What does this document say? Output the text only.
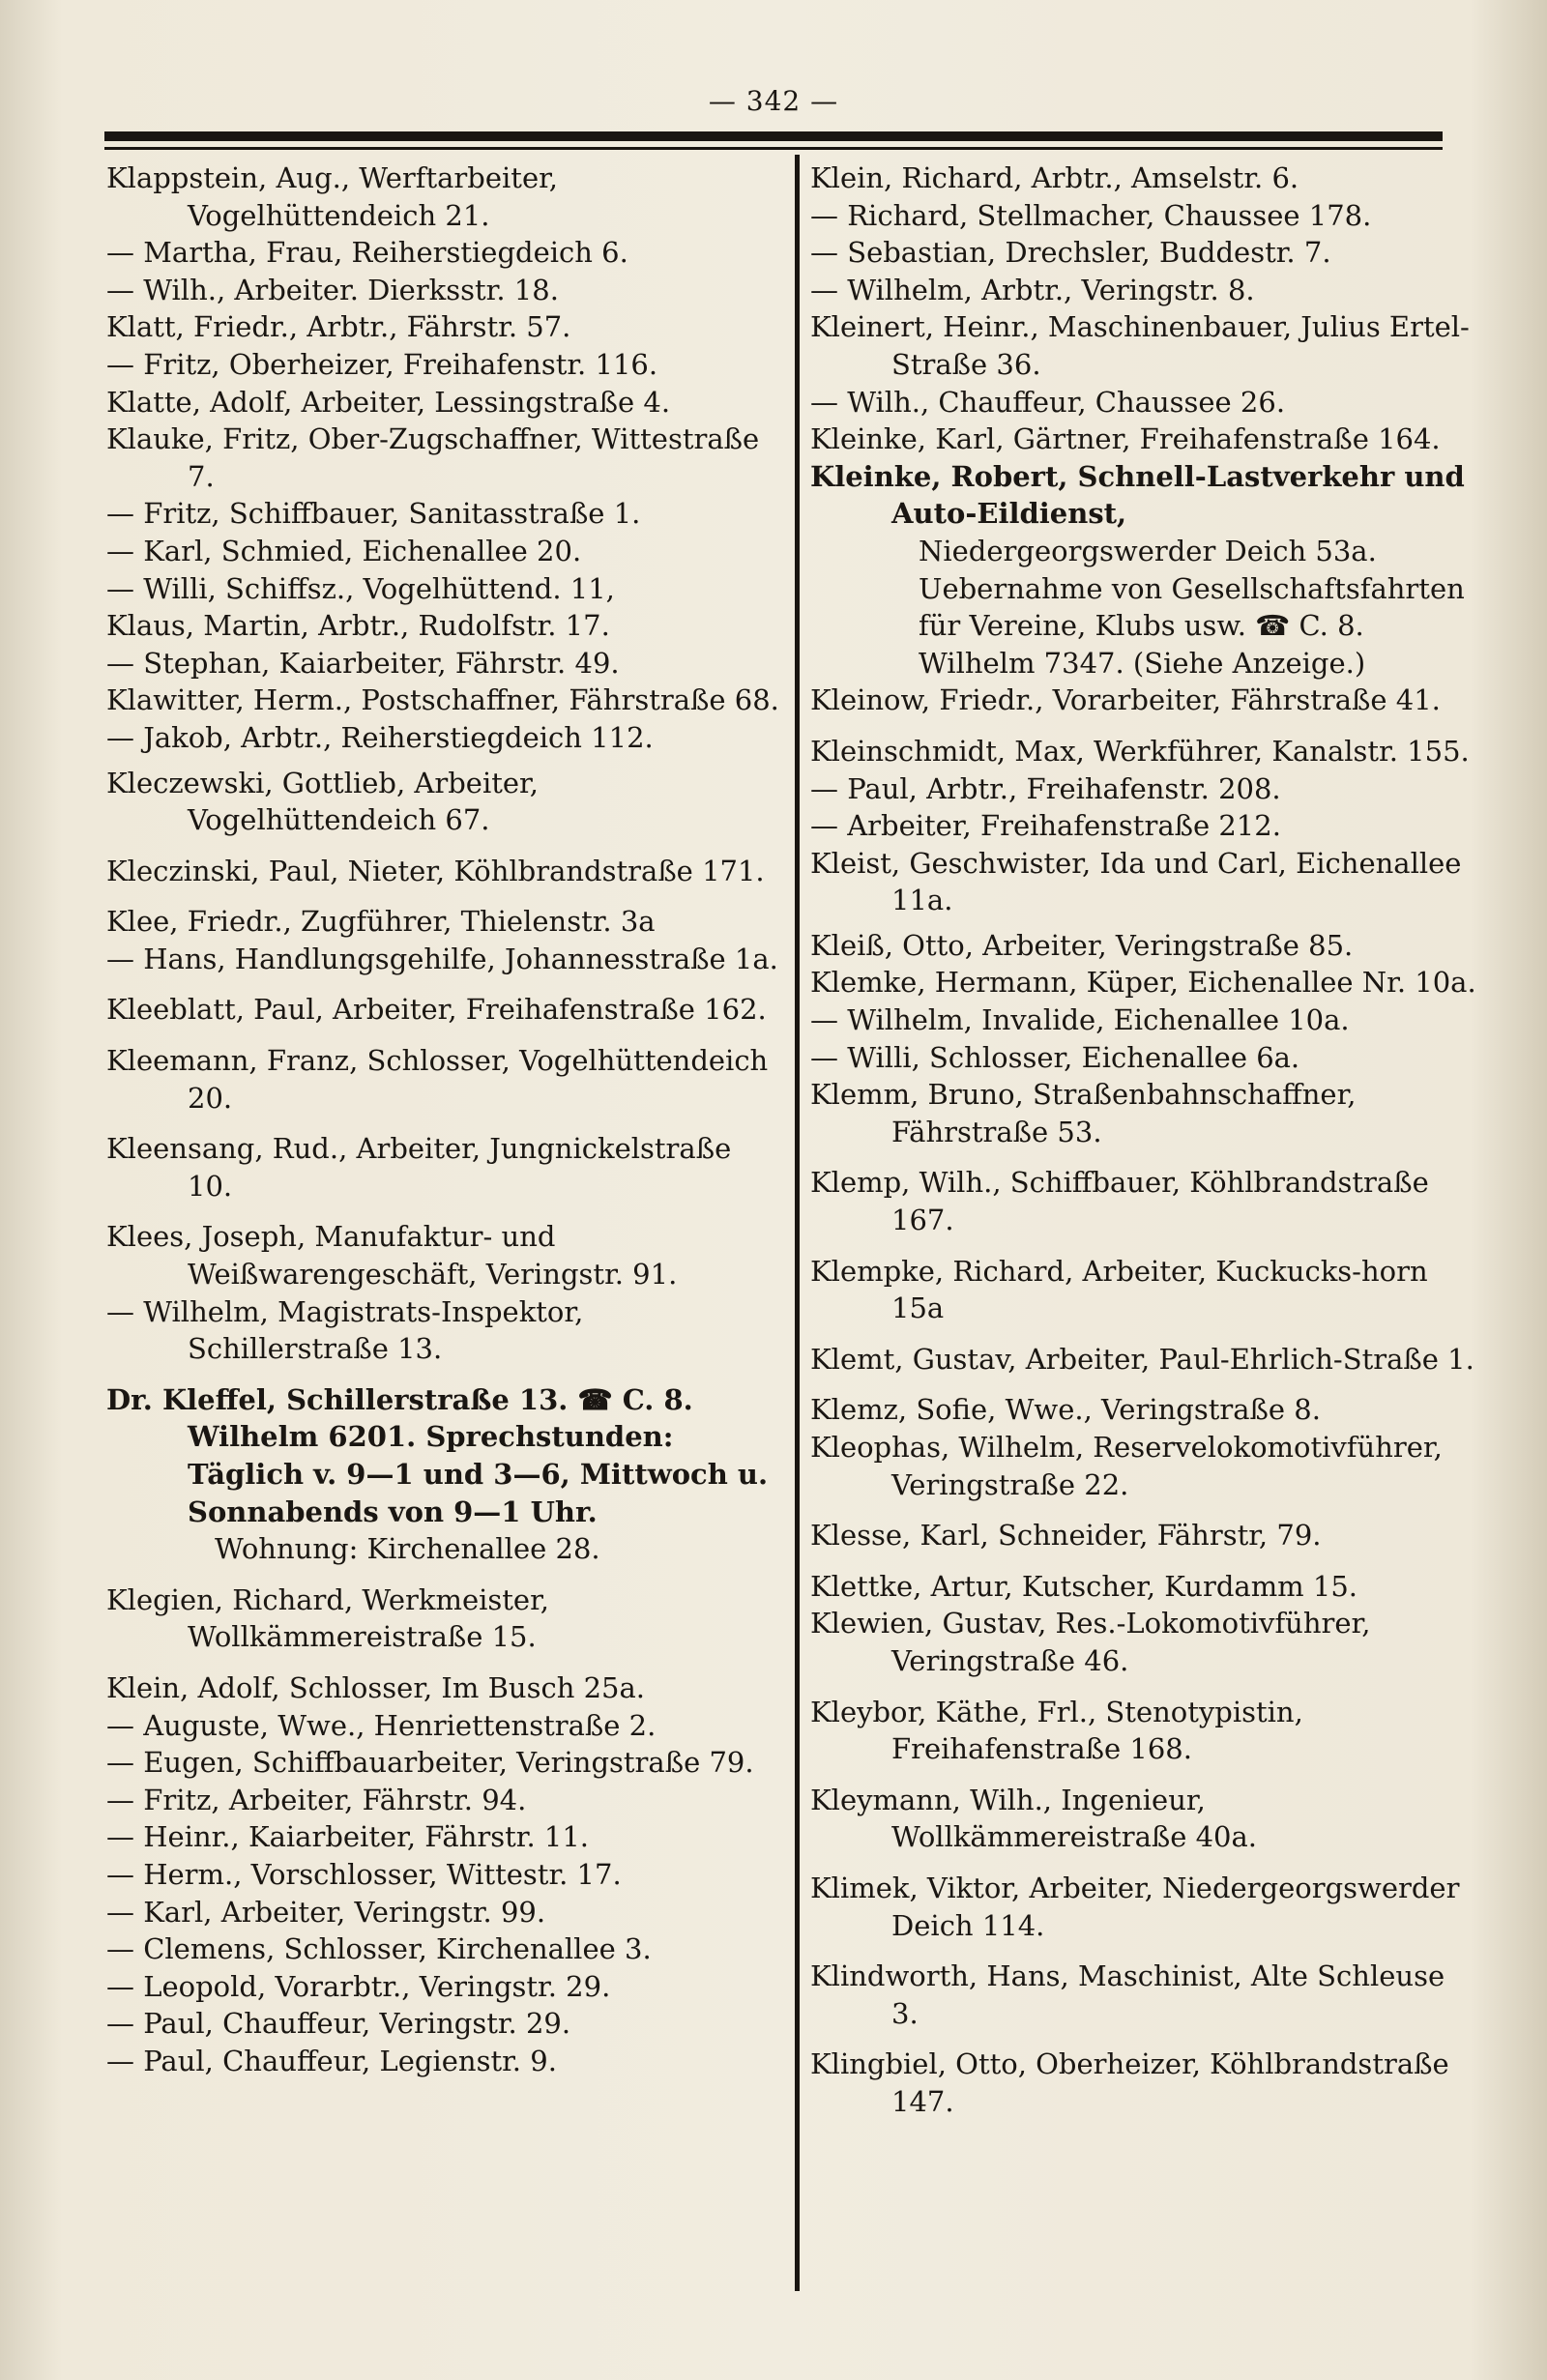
— 342 —
Klappstein, Aug., Werftarbeiter, Vogelhüttendeich 21.
— Martha, Frau, Reiherstiegdeich 6.
— Wilh., Arbeiter. Dierksstr. 18.
Klatt, Friedr., Arbtr., Fährstr. 57.
— Fritz, Oberheizer, Freihafenstr. 116.
Klatte, Adolf, Arbeiter, Lessingstraße 4.
Klauke, Fritz, Ober-Zugschaffner, Wittestraße 7.
— Fritz, Schiffbauer, Sanitasstraße 1.
— Karl, Schmied, Eichenallee 20.
— Willi, Schiffsz., Vogelhüttend. 11,
Klaus, Martin, Arbtr., Rudolfstr. 17.
— Stephan, Kaiarbeiter, Fährstr. 49.
Klawitter, Herm., Postschaffner, Fährstraße 68.
— Jakob, Arbtr., Reiherstiegdeich 112.
Kleczewski, Gottlieb, Arbeiter, Vogelhüttendeich 67.
Kleczinski, Paul, Nieter, Köhlbrandstraße 171.
Klee, Friedr., Zugführer, Thielenstr. 3a
— Hans, Handlungsgehilfe, Johannesstraße 1a.
Kleeblatt, Paul, Arbeiter, Freihafenstraße 162.
Kleemann, Franz, Schlosser, Vogelhüttendeich 20.
Kleensang, Rud., Arbeiter, Jungnickelstraße 10.
Klees, Joseph, Manufaktur- und Weißwarengeschäft, Veringstr. 91.
— Wilhelm, Magistrats-Inspektor, Schillerstraße 13.
Dr. Kleffel, Schillerstraße 13. ☎ C. 8. Wilhelm 6201. Sprechstunden: Täglich v. 9—1 und 3—6, Mittwoch u. Sonnabends von 9—1 Uhr.
Wohnung: Kirchenallee 28.
Klegien, Richard, Werkmeister, Wollkämmereistraße 15.
Klein, Adolf, Schlosser, Im Busch 25a.
— Auguste, Wwe., Henriettenstraße 2.
— Eugen, Schiffbauarbeiter, Veringstraße 79.
— Fritz, Arbeiter, Fährstr. 94.
— Heinr., Kaiarbeiter, Fährstr. 11.
— Herm., Vorschlosser, Wittestr. 17.
— Karl, Arbeiter, Veringstr. 99.
— Clemens, Schlosser, Kirchenallee 3.
— Leopold, Vorarbtr., Veringstr. 29.
— Paul, Chauffeur, Veringstr. 29.
— Paul, Chauffeur, Legienstr. 9.
Klein, Richard, Arbtr., Amselstr. 6.
— Richard, Stellmacher, Chaussee 178.
— Sebastian, Drechsler, Buddestr. 7.
— Wilhelm, Arbtr., Veringstr. 8.
Kleinert, Heinr., Maschinenbauer, Julius Ertel-Straße 36.
— Wilh., Chauffeur, Chaussee 26.
Kleinke, Karl, Gärtner, Freihafenstraße 164.
Kleinke, Robert, Schnell-Lastverkehr und Auto-Eildienst,
Niedergeorgswerder Deich 53a. Uebernahme von Gesellschaftsfahrten für Vereine, Klubs usw. ☎ C. 8. Wilhelm 7347. (Siehe Anzeige.)
Kleinow, Friedr., Vorarbeiter, Fährstraße 41.
Kleinschmidt, Max, Werkführer, Kanalstr. 155.
— Paul, Arbtr., Freihafenstr. 208.
— Arbeiter, Freihafenstraße 212.
Kleist, Geschwister, Ida und Carl, Eichenallee 11a.
Kleiß, Otto, Arbeiter, Veringstraße 85.
Klemke, Hermann, Küper, Eichenallee Nr. 10a.
— Wilhelm, Invalide, Eichenallee 10a.
— Willi, Schlosser, Eichenallee 6a.
Klemm, Bruno, Straßenbahnschaffner, Fährstraße 53.
Klemp, Wilh., Schiffbauer, Köhlbrandstraße 167.
Klempke, Richard, Arbeiter, Kuckucks-horn 15a
Klemt, Gustav, Arbeiter, Paul-Ehrlich-Straße 1.
Klemz, Sofie, Wwe., Veringstraße 8.
Kleophas, Wilhelm, Reservelokomotivführer, Veringstraße 22.
Klesse, Karl, Schneider, Fährstr, 79.
Klettke, Artur, Kutscher, Kurdamm 15.
Klewien, Gustav, Res.-Lokomotivführer, Veringstraße 46.
Kleybor, Käthe, Frl., Stenotypistin, Freihafenstraße 168.
Kleymann, Wilh., Ingenieur, Wollkämmereistraße 40a.
Klimek, Viktor, Arbeiter, Niedergeorgswerder Deich 114.
Klindworth, Hans, Maschinist, Alte Schleuse 3.
Klingbiel, Otto, Oberheizer, Köhlbrandstraße 147.
